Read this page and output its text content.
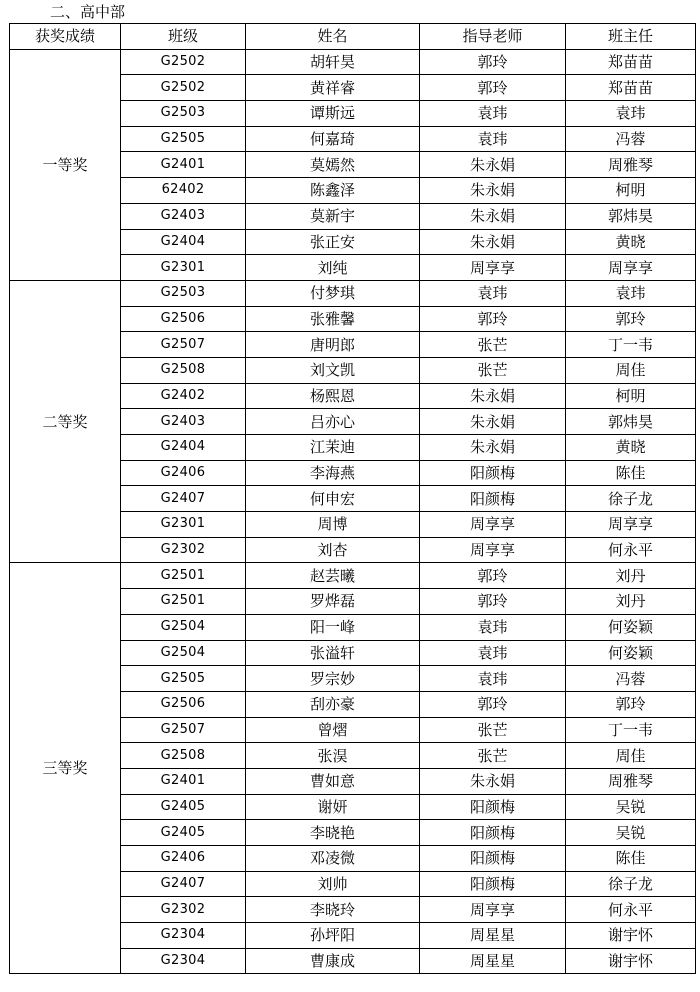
二、高中部
获奖成绩	班级	姓名	指导老师	班主任
一等奖	G2502	胡轩昊	郭玲	郑苗苗
	G2502	黄祥睿	郭玲	郑苗苗
	G2503	谭斯远	袁玮	袁玮
	G2505	何嘉琦	袁玮	冯蓉
	G2401	莫嫣然	朱永娟	周雅琴
	62402	陈鑫泽	朱永娟	柯明
	G2403	莫新宇	朱永娟	郭炜昊
	G2404	张正安	朱永娟	黄晓
	G2301	刘纯	周享享	周享享
二等奖	G2503	付梦琪	袁玮	袁玮
	G2506	张雅馨	郭玲	郭玲
	G2507	唐明郎	张芒	丁一韦
	G2508	刘文凯	张芒	周佳
	G2402	杨熙恩	朱永娟	柯明
	G2403	吕亦心	朱永娟	郭炜昊
	G2404	江茉迪	朱永娟	黄晓
	G2406	李海燕	阳颜梅	陈佳
	G2407	何申宏	阳颜梅	徐子龙
	G2301	周博	周享享	周享享
	G2302	刘杏	周享享	何永平
三等奖	G2501	赵芸曦	郭玲	刘丹
	G2501	罗烨磊	郭玲	刘丹
	G2504	阳一峰	袁玮	何姿颖
	G2504	张溢轩	袁玮	何姿颖
	G2505	罗宗妙	袁玮	冯蓉
	G2506	刮亦豪	郭玲	郭玲
	G2507	曾熠	张芒	丁一韦
	G2508	张淏	张芒	周佳
	G2401	曹如意	朱永娟	周雅琴
	G2405	谢妍	阳颜梅	吴锐
	G2405	李晓艳	阳颜梅	吴锐
	G2406	邓凌微	阳颜梅	陈佳
	G2407	刘帅	阳颜梅	徐子龙
	G2302	李晓玲	周享享	何永平
	G2304	孙坪阳	周星星	谢宇怀
	G2304	曹康成	周星星	谢宇怀
